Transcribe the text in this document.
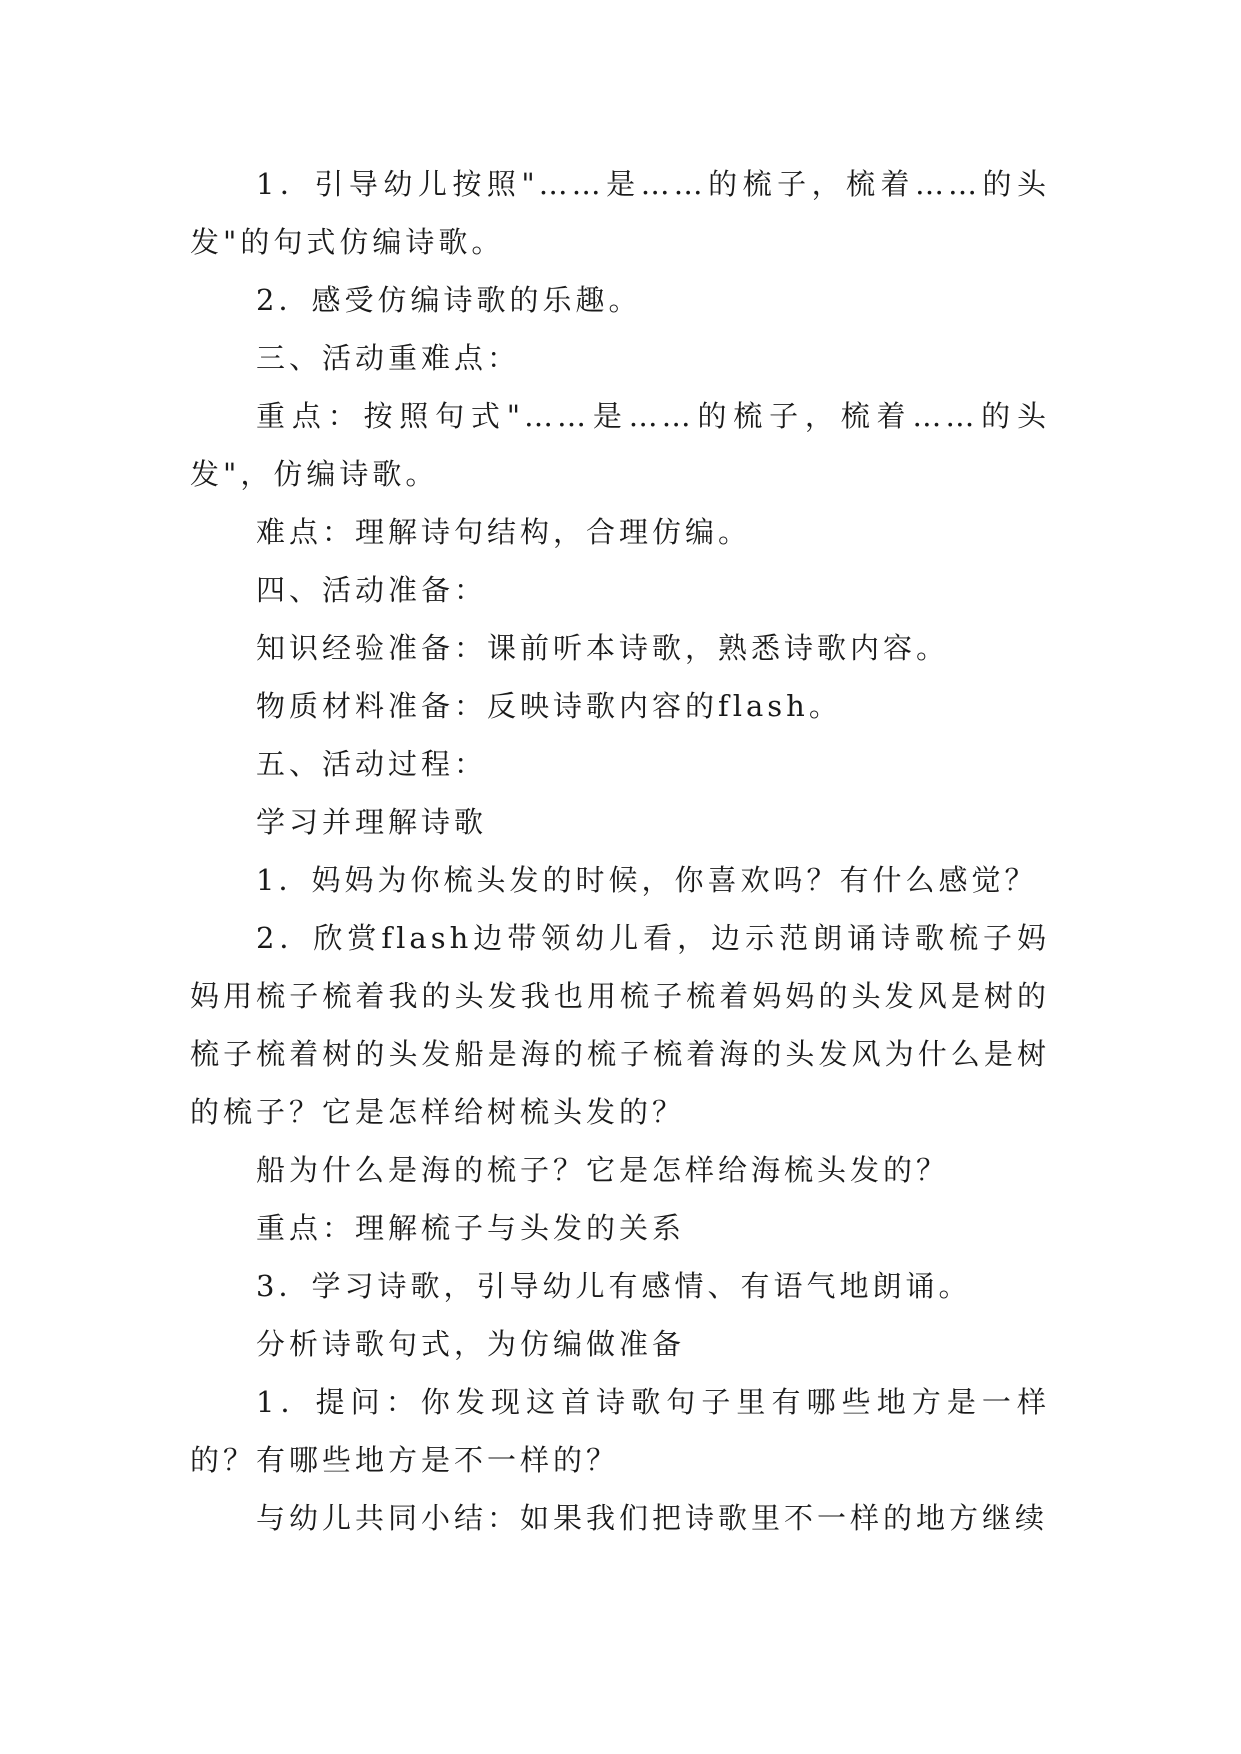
1．引导幼儿按照"……是……的梳子，梳着……的头发"的句式仿编诗歌。

2．感受仿编诗歌的乐趣。

三、活动重难点：

重点：按照句式"……是……的梳子，梳着……的头发"，仿编诗歌。

难点：理解诗句结构，合理仿编。

四、活动准备：

知识经验准备：课前听本诗歌，熟悉诗歌内容。

物质材料准备：反映诗歌内容的flash。

五、活动过程：

学习并理解诗歌

1．妈妈为你梳头发的时候，你喜欢吗？有什么感觉？

2．欣赏flash边带领幼儿看，边示范朗诵诗歌梳子妈妈用梳子梳着我的头发我也用梳子梳着妈妈的头发风是树的梳子梳着树的头发船是海的梳子梳着海的头发风为什么是树的梳子？它是怎样给树梳头发的？

船为什么是海的梳子？它是怎样给海梳头发的？

重点：理解梳子与头发的关系

3．学习诗歌，引导幼儿有感情、有语气地朗诵。

分析诗歌句式，为仿编做准备

1．提问：你发现这首诗歌句子里有哪些地方是一样的？有哪些地方是不一样的？

与幼儿共同小结：如果我们把诗歌里不一样的地方继续
